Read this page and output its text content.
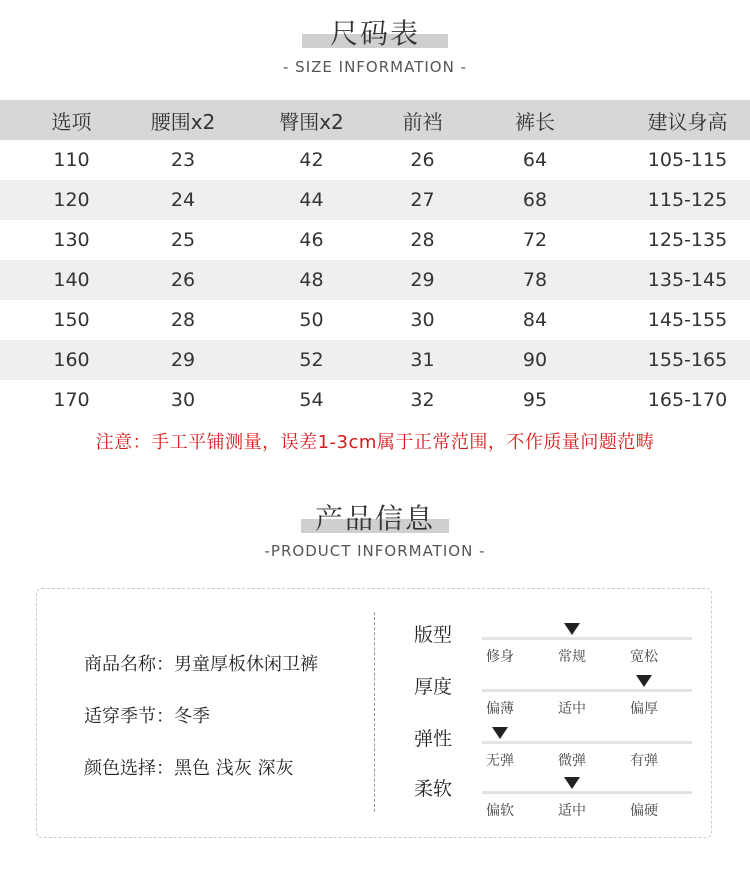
尺码表
- SIZE INFORMATION -
选项	腰围x2	臀围x2	前裆	裤长	建议身高
110	23	42	26	64	105-115
120	24	44	27	68	115-125
130	25	46	28	72	125-135
140	26	48	29	78	135-145
150	28	50	30	84	145-155
160	29	52	31	90	155-165
170	30	54	32	95	165-170
注意：手工平铺测量，误差1-3cm属于正常范围，不作质量问题范畴
产品信息
-PRODUCT INFORMATION -
商品名称：男童厚板休闲卫裤
适穿季节：冬季
颜色选择：黑色 浅灰 深灰
版型
修身	常规	宽松
厚度
偏薄	适中	偏厚
弹性
无弹	微弹	有弹
柔软
偏软	适中	偏硬
